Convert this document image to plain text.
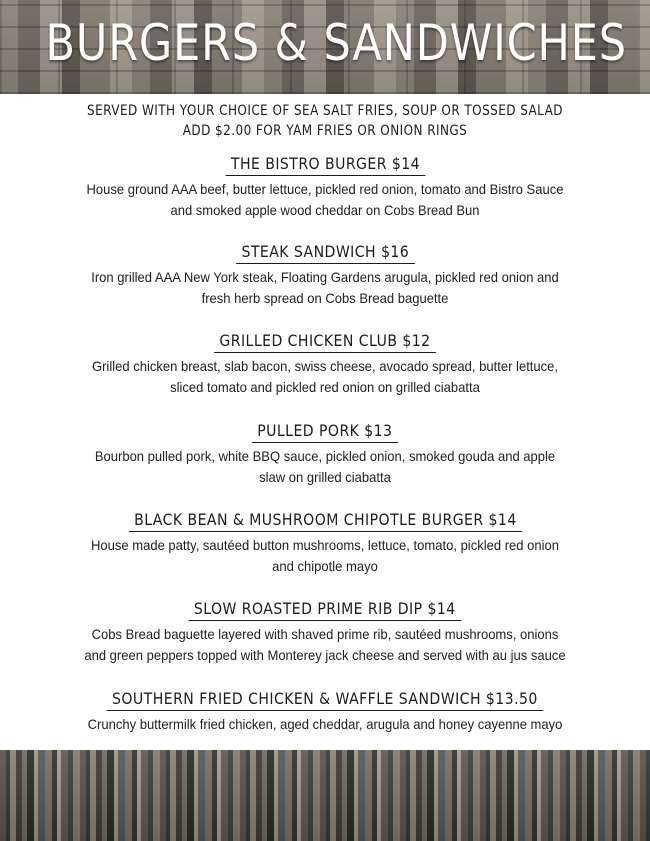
BURGERS & SANDWICHES
SERVED WITH YOUR CHOICE OF SEA SALT FRIES, SOUP OR TOSSED SALAD
ADD $2.00 FOR YAM FRIES OR ONION RINGS
THE BISTRO BURGER $14
House ground AAA beef, butter lettuce, pickled red onion, tomato and Bistro Sauce
and smoked apple wood cheddar on Cobs Bread Bun
STEAK SANDWICH $16
Iron grilled AAA New York steak, Floating Gardens arugula, pickled red onion and
fresh herb spread on Cobs Bread baguette
GRILLED CHICKEN CLUB $12
Grilled chicken breast, slab bacon, swiss cheese, avocado spread, butter lettuce,
sliced tomato and pickled red onion on grilled ciabatta
PULLED PORK $13
Bourbon pulled pork, white BBQ sauce, pickled onion, smoked gouda and apple
slaw on grilled ciabatta
BLACK BEAN & MUSHROOM CHIPOTLE BURGER $14
House made patty, sautéed button mushrooms, lettuce, tomato, pickled red onion
and chipotle mayo
SLOW ROASTED PRIME RIB DIP $14
Cobs Bread baguette layered with shaved prime rib, sautéed mushrooms, onions
and green peppers topped with Monterey jack cheese and served with au jus sauce
SOUTHERN FRIED CHICKEN & WAFFLE SANDWICH $13.50
Crunchy buttermilk fried chicken, aged cheddar, arugula and honey cayenne mayo
